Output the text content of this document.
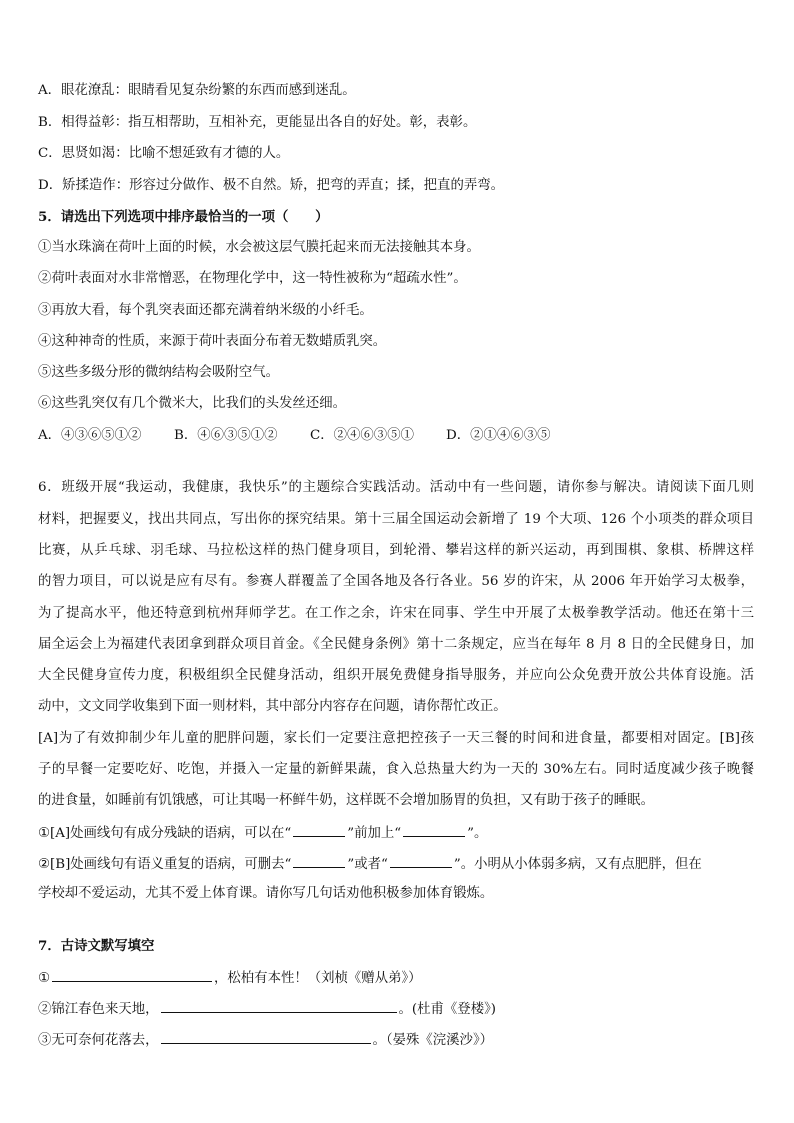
A．眼花潦乱：眼睛看见复杂纷繁的东西而感到迷乱。
B．相得益彰：指互相帮助，互相补充，更能显出各自的好处。彰，表彰。
C．思贤如渴：比喻不想延致有才德的人。
D．矫揉造作：形容过分做作、极不自然。矫，把弯的弄直；揉，把直的弄弯。
5．请选出下列选项中排序最恰当的一项（　　）
①当水珠滴在荷叶上面的时候，水会被这层气膜托起来而无法接触其本身。
②荷叶表面对水非常憎恶，在物理化学中，这一特性被称为“超疏水性”。
③再放大看，每个乳突表面还都充满着纳米级的小纤毛。
④这种神奇的性质，来源于荷叶表面分布着无数蜡质乳突。
⑤这些多级分形的微纳结构会吸附空气。
⑥这些乳突仅有几个微米大，比我们的头发丝还细。
A．④③⑥⑤①② B．④⑥③⑤①② C．②④⑥③⑤① D．②①④⑥③⑤
6．班级开展“我运动，我健康，我快乐”的主题综合实践活动。活动中有一些问题，请你参与解决。请阅读下面几则
材料，把握要义，找出共同点，写出你的探究结果。第十三届全国运动会新增了 19 个大项、126 个小项类的群众项目
比赛，从乒乓球、羽毛球、马拉松这样的热门健身项目，到轮滑、攀岩这样的新兴运动，再到围棋、象棋、桥牌这样
的智力项目，可以说是应有尽有。参赛人群覆盖了全国各地及各行各业。56 岁的许宋，从 2006 年开始学习太极拳，
为了提高水平，他还特意到杭州拜师学艺。在工作之余，许宋在同事、学生中开展了太极拳教学活动。他还在第十三
届全运会上为福建代表团拿到群众项目首金。《全民健身条例》第十二条规定，应当在每年 8 月 8 日的全民健身日，加
大全民健身宣传力度，积极组织全民健身活动，组织开展免费健身指导服务，并应向公众免费开放公共体育设施。活
动中，文文同学收集到下面一则材料，其中部分内容存在问题，请你帮忙改正。
[A]为了有效抑制少年儿童的肥胖问题，家长们一定要注意把控孩子一天三餐的时间和进食量，都要相对固定。[B]孩
子的早餐一定要吃好、吃饱，并摄入一定量的新鲜果蔬，食入总热量大约为一天的 30%左右。同时适度减少孩子晚餐
的进食量，如睡前有饥饿感，可让其喝一杯鲜牛奶，这样既不会增加肠胃的负担，又有助于孩子的睡眠。
①[A]处画线句有成分残缺的语病，可以在“	”前加上“	”。
②[B]处画线句有语义重复的语病，可删去“	”或者“	”。小明从小体弱多病，又有点肥胖，但在
学校却不爱运动，尤其不爱上体育课。请你写几句话劝他积极参加体育锻炼。
7．古诗文默写填空
①	，松柏有本性！（刘桢《赠从弟》）
②锦江春色来天地，	。(杜甫《登楼》)
③无可奈何花落去，	。（晏殊《浣溪沙》）
